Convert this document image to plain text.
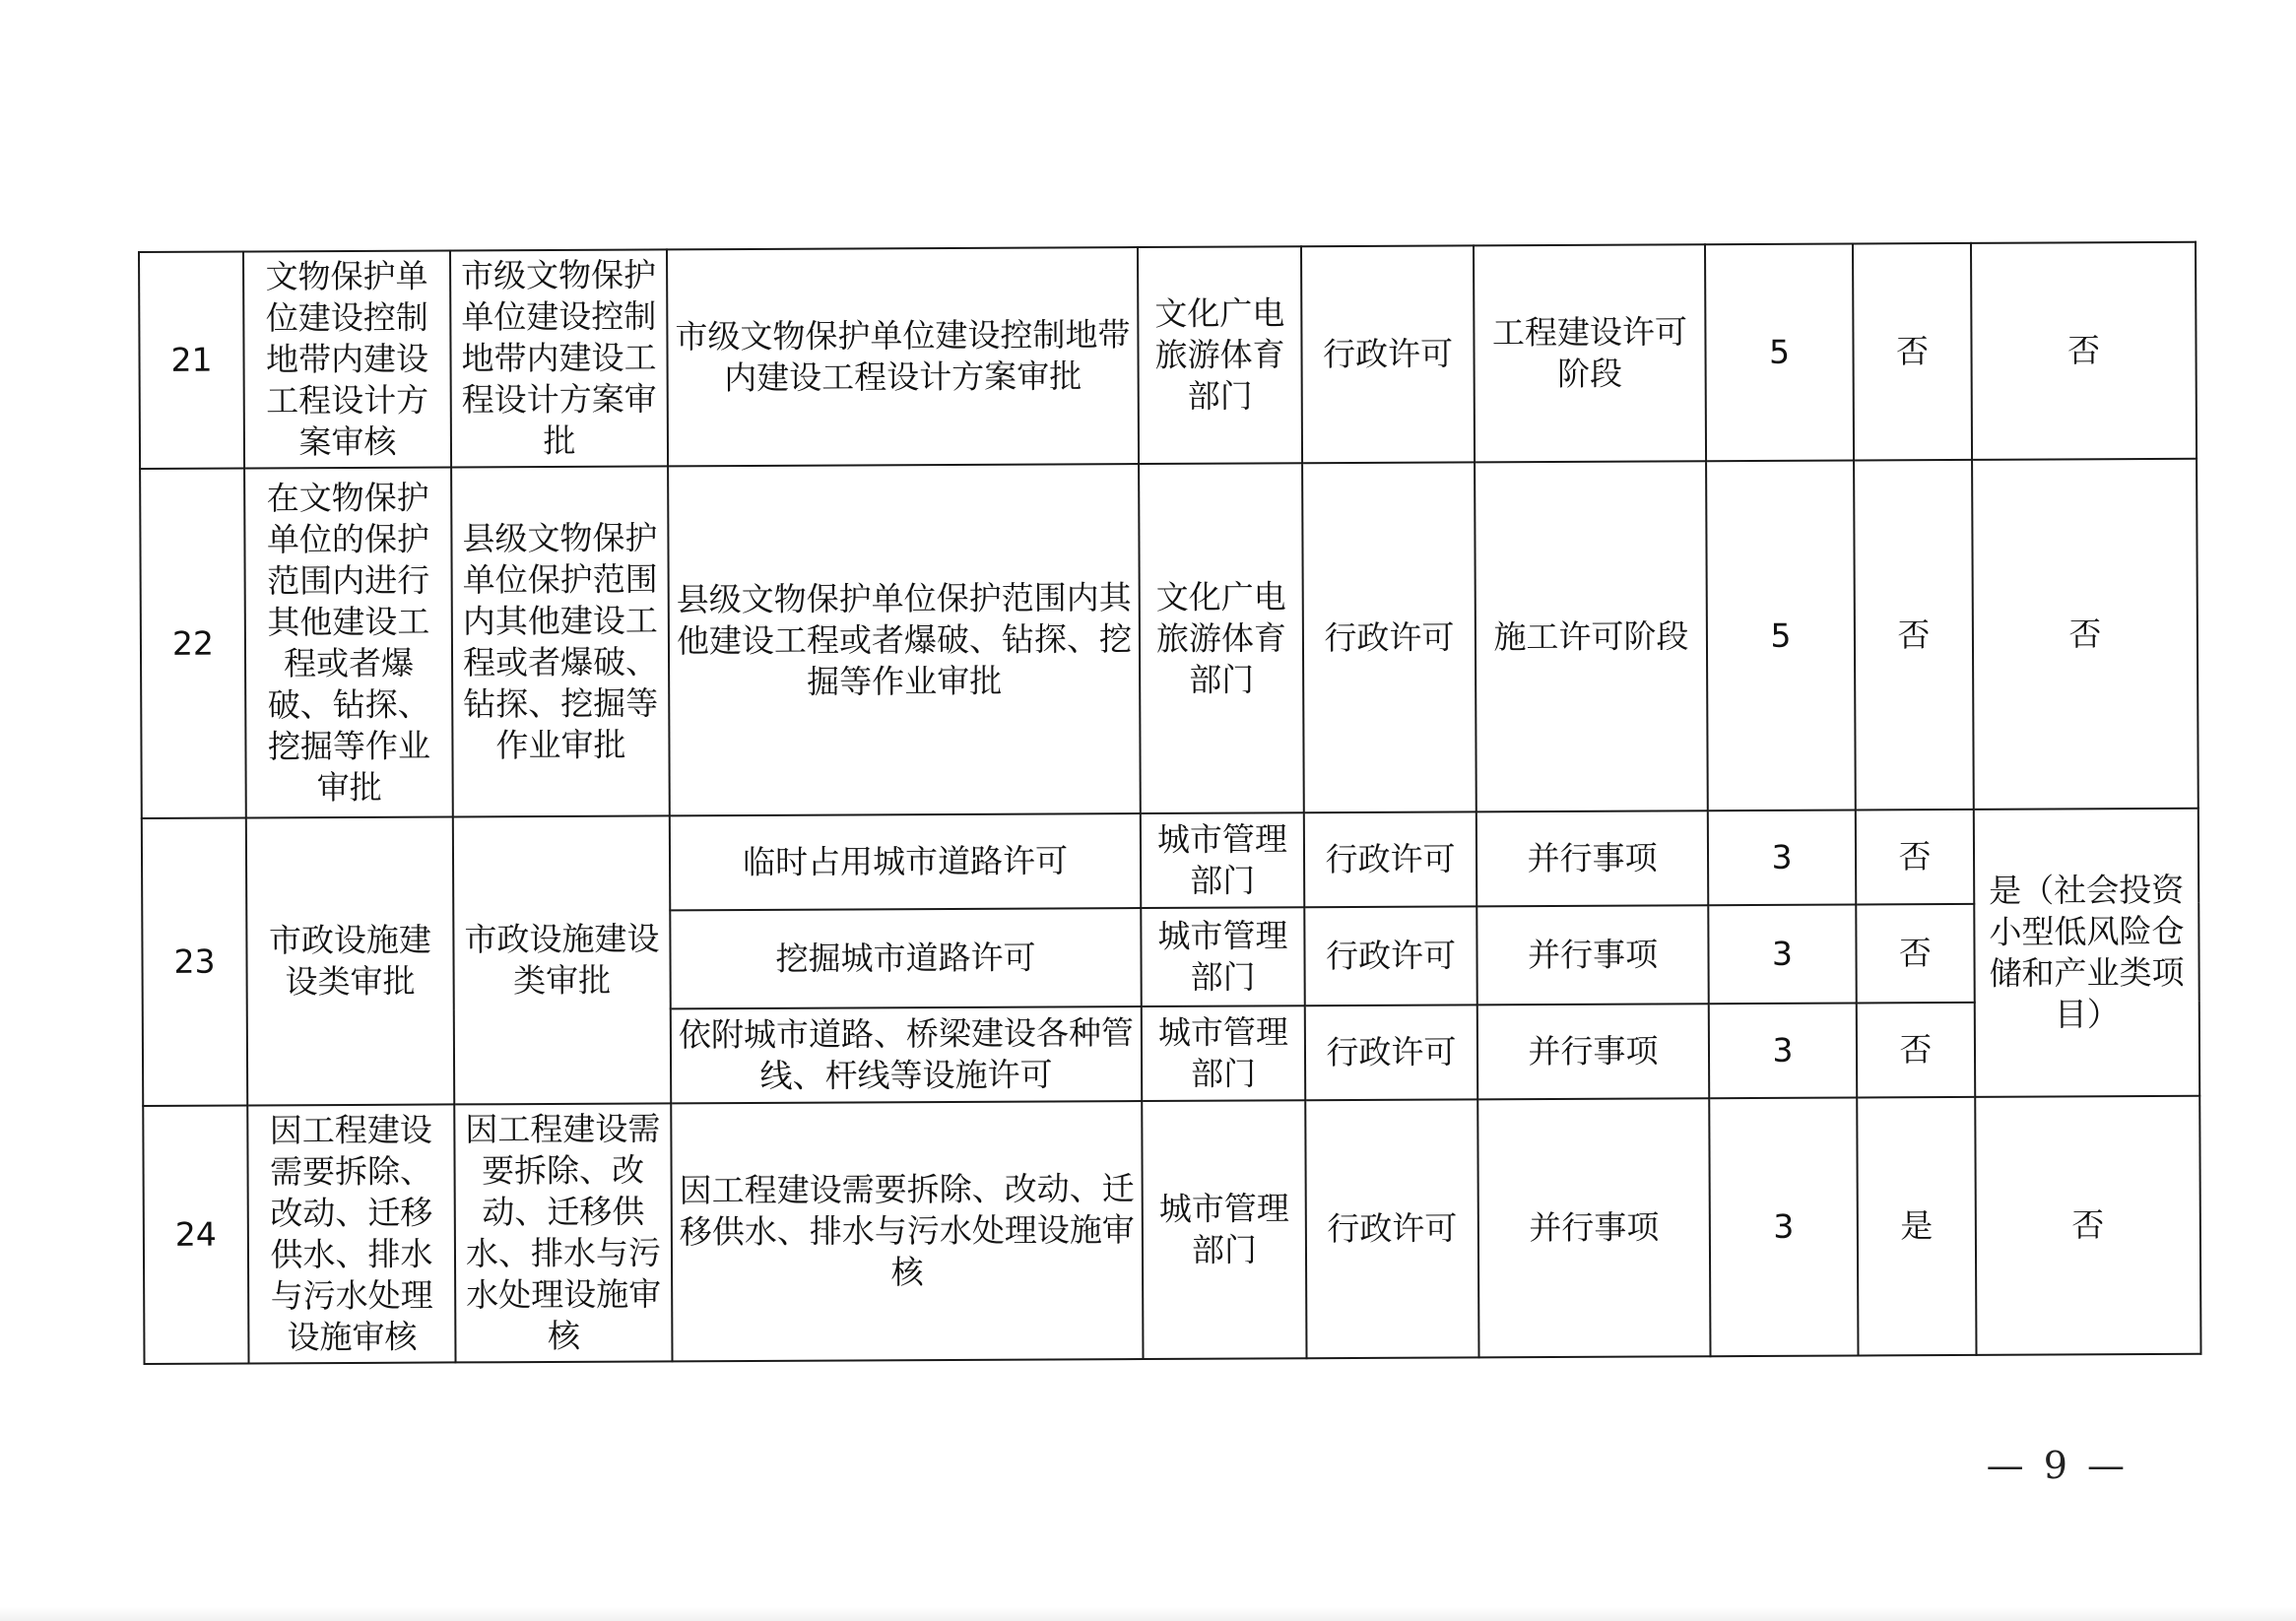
21	文物保护单位建设控制地带内建设工程设计方案审核	市级文物保护单位建设控制地带内建设工程设计方案审批	市级文物保护单位建设控制地带内建设工程设计方案审批	文化广电旅游体育部门	行政许可	工程建设许可阶段	5	否	否
22	在文物保护单位的保护范围内进行其他建设工程或者爆破、钻探、挖掘等作业审批	县级文物保护单位保护范围内其他建设工程或者爆破、钻探、挖掘等作业审批	县级文物保护单位保护范围内其他建设工程或者爆破、钻探、挖掘等作业审批	文化广电旅游体育部门	行政许可	施工许可阶段	5	否	否
23	市政设施建设类审批	市政设施建设类审批	临时占用城市道路许可	城市管理部门	行政许可	并行事项	3	否	是（社会投资小型低风险仓储和产业类项目）
			挖掘城市道路许可	城市管理部门	行政许可	并行事项	3	否	
			依附城市道路、桥梁建设各种管线、杆线等设施许可	城市管理部门	行政许可	并行事项	3	否	
24	因工程建设需要拆除、改动、迁移供水、排水与污水处理设施审核	因工程建设需要拆除、改动、迁移供水、排水与污水处理设施审核	因工程建设需要拆除、改动、迁移供水、排水与污水处理设施审核	城市管理部门	行政许可	并行事项	3	是	否
— 9 —
